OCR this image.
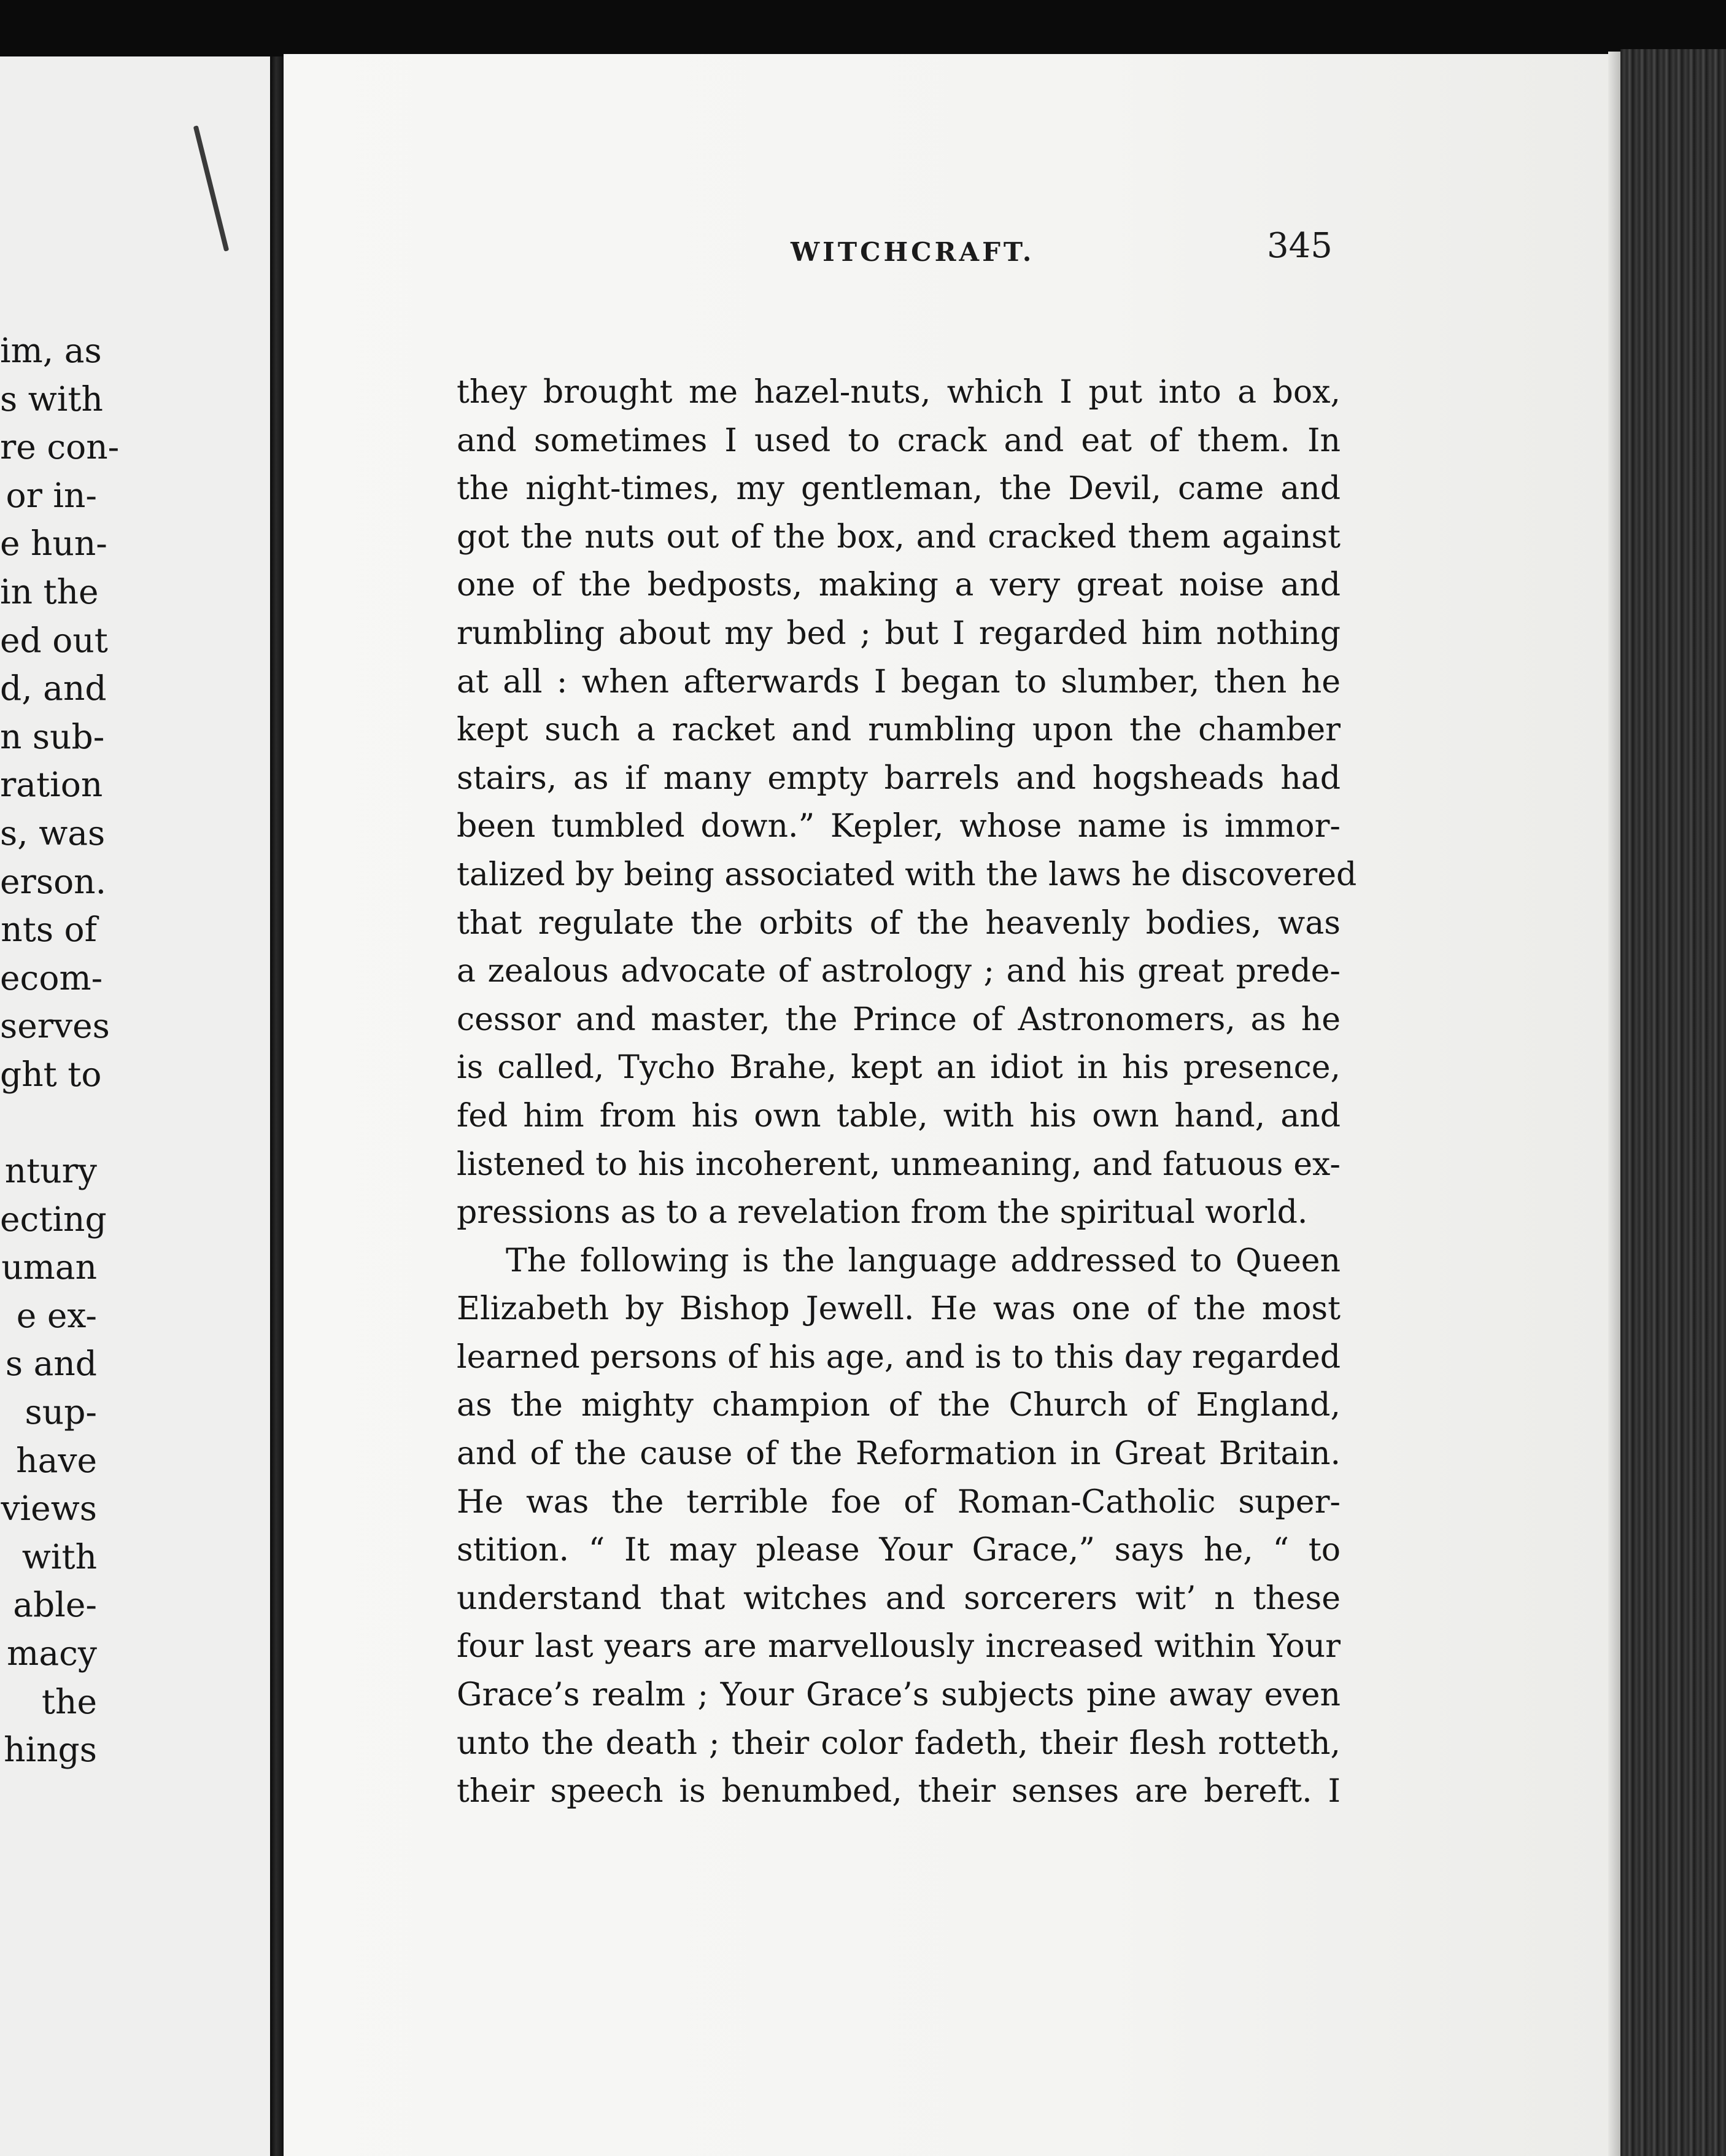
im, as
s with
re con-
or in-
e hun-
in the
ed out
d, and
n sub-
ration
s, was
erson.
nts of
ecom-
serves
ght to

ntury
ecting
uman
e ex-
s and
sup-
have
views
with
able-
macy
the
hings
WITCHCRAFT.	345
they brought me hazel-nuts, which I put into a box,
and sometimes I used to crack and eat of them. In
the night-times, my gentleman, the Devil, came and
got the nuts out of the box, and cracked them against
one of the bedposts, making a very great noise and
rumbling about my bed ; but I regarded him nothing
at all : when afterwards I began to slumber, then he
kept such a racket and rumbling upon the chamber
stairs, as if many empty barrels and hogsheads had
been tumbled down.” Kepler, whose name is immor-
talized by being associated with the laws he discovered
that regulate the orbits of the heavenly bodies, was
a zealous advocate of astrology ; and his great prede-
cessor and master, the Prince of Astronomers, as he
is called, Tycho Brahe, kept an idiot in his presence,
fed him from his own table, with his own hand, and
listened to his incoherent, unmeaning, and fatuous ex-
pressions as to a revelation from the spiritual world.
The following is the language addressed to Queen
Elizabeth by Bishop Jewell. He was one of the most
learned persons of his age, and is to this day regarded
as the mighty champion of the Church of England,
and of the cause of the Reformation in Great Britain.
He was the terrible foe of Roman-Catholic super-
stition. “ It may please Your Grace,” says he, “ to
understand that witches and sorcerers wit’ n these
four last years are marvellously increased within Your
Grace’s realm ; Your Grace’s subjects pine away even
unto the death ; their color fadeth, their flesh rotteth,
their speech is benumbed, their senses are bereft. I
